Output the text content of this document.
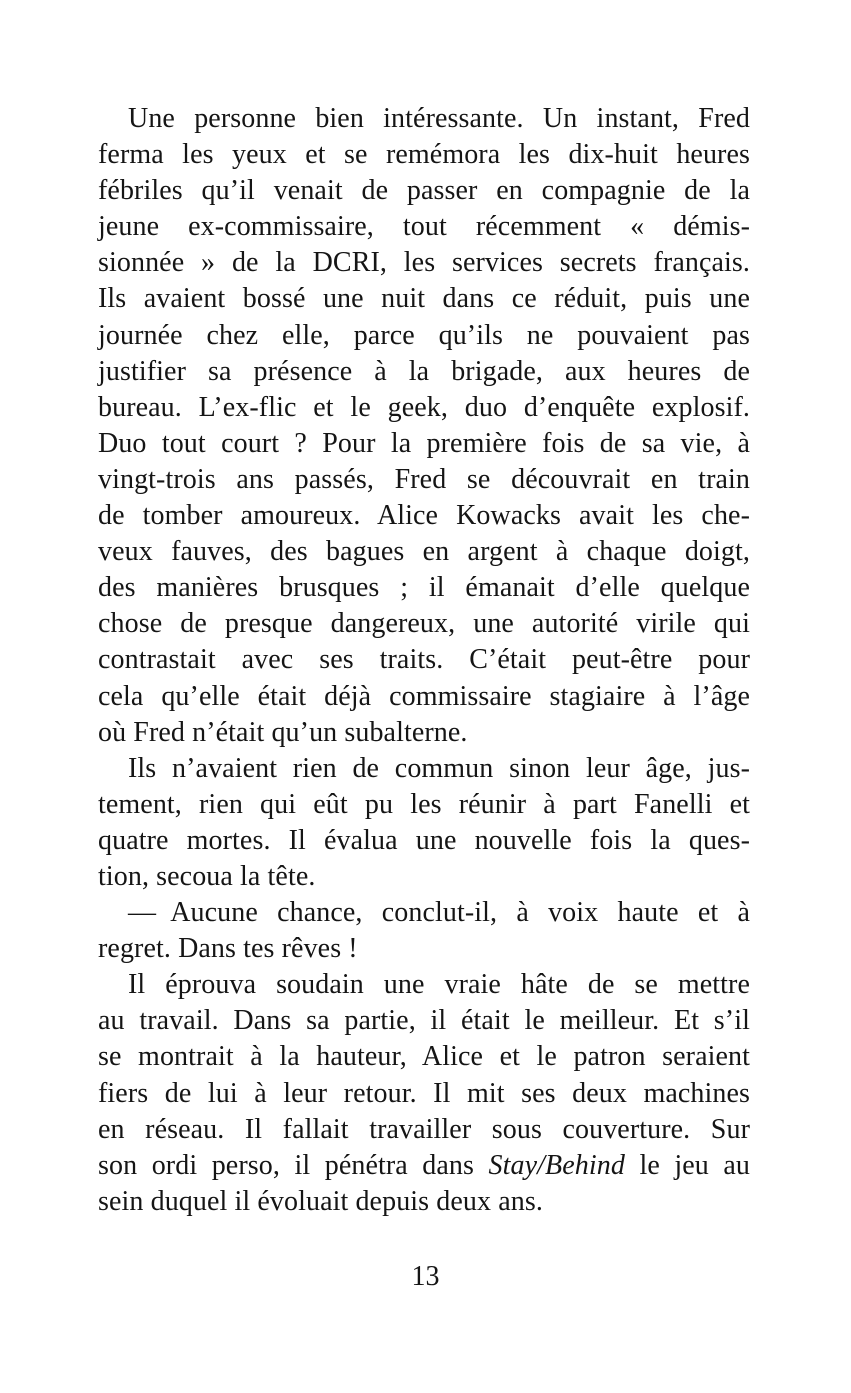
Une personne bien intéressante. Un instant, Fred
ferma les yeux et se remémora les dix-huit heures
fébriles qu’il venait de passer en compagnie de la
jeune ex-commissaire, tout récemment « démis-
sionnée » de la DCRI, les services secrets français.
Ils avaient bossé une nuit dans ce réduit, puis une
journée chez elle, parce qu’ils ne pouvaient pas
justifier sa présence à la brigade, aux heures de
bureau. L’ex-flic et le geek, duo d’enquête explosif.
Duo tout court ? Pour la première fois de sa vie, à
vingt-trois ans passés, Fred se découvrait en train
de tomber amoureux. Alice Kowacks avait les che-
veux fauves, des bagues en argent à chaque doigt,
des manières brusques ; il émanait d’elle quelque
chose de presque dangereux, une autorité virile qui
contrastait avec ses traits. C’était peut-être pour
cela qu’elle était déjà commissaire stagiaire à l’âge
où Fred n’était qu’un subalterne.
Ils n’avaient rien de commun sinon leur âge, jus-
tement, rien qui eût pu les réunir à part Fanelli et
quatre mortes. Il évalua une nouvelle fois la ques-
tion, secoua la tête.
— Aucune chance, conclut-il, à voix haute et à
regret. Dans tes rêves !
Il éprouva soudain une vraie hâte de se mettre
au travail. Dans sa partie, il était le meilleur. Et s’il
se montrait à la hauteur, Alice et le patron seraient
fiers de lui à leur retour. Il mit ses deux machines
en réseau. Il fallait travailler sous couverture. Sur
son ordi perso, il pénétra dans Stay/Behind le jeu au
sein duquel il évoluait depuis deux ans.
13
